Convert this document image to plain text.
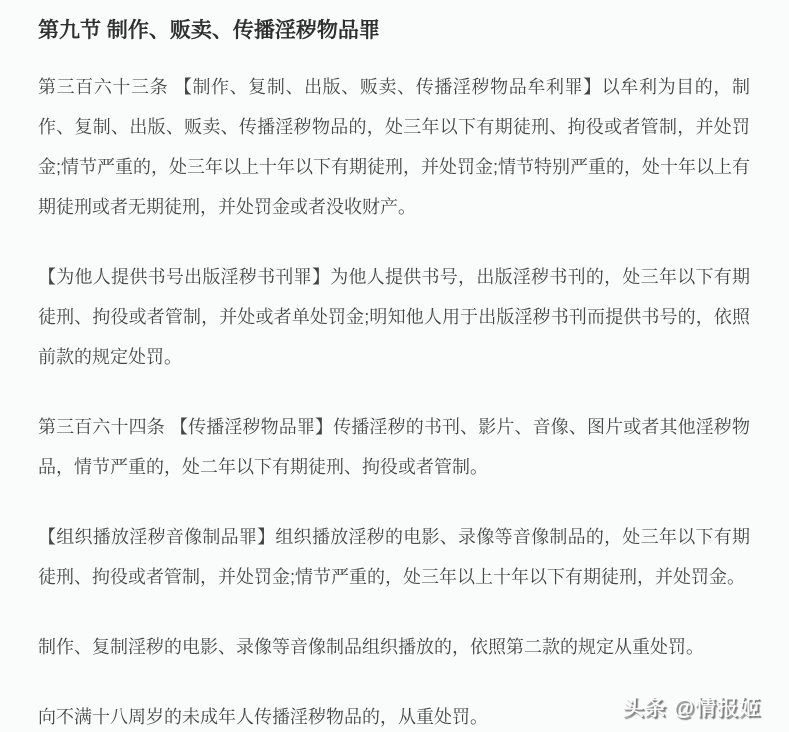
第九节 制作、贩卖、传播淫秽物品罪

第三百六十三条 【制作、复制、出版、贩卖、传播淫秽物品牟利罪】以牟利为目的，制作、复制、出版、贩卖、传播淫秽物品的，处三年以下有期徒刑、拘役或者管制，并处罚金;情节严重的，处三年以上十年以下有期徒刑，并处罚金;情节特别严重的，处十年以上有期徒刑或者无期徒刑，并处罚金或者没收财产。

【为他人提供书号出版淫秽书刊罪】为他人提供书号，出版淫秽书刊的，处三年以下有期徒刑、拘役或者管制，并处或者单处罚金;明知他人用于出版淫秽书刊而提供书号的，依照前款的规定处罚。

第三百六十四条 【传播淫秽物品罪】传播淫秽的书刊、影片、音像、图片或者其他淫秽物品，情节严重的，处二年以下有期徒刑、拘役或者管制。

【组织播放淫秽音像制品罪】组织播放淫秽的电影、录像等音像制品的，处三年以下有期徒刑、拘役或者管制，并处罚金;情节严重的，处三年以上十年以下有期徒刑，并处罚金。

制作、复制淫秽的电影、录像等音像制品组织播放的，依照第二款的规定从重处罚。

向不满十八周岁的未成年人传播淫秽物品的，从重处罚。	头条 @情报姬
